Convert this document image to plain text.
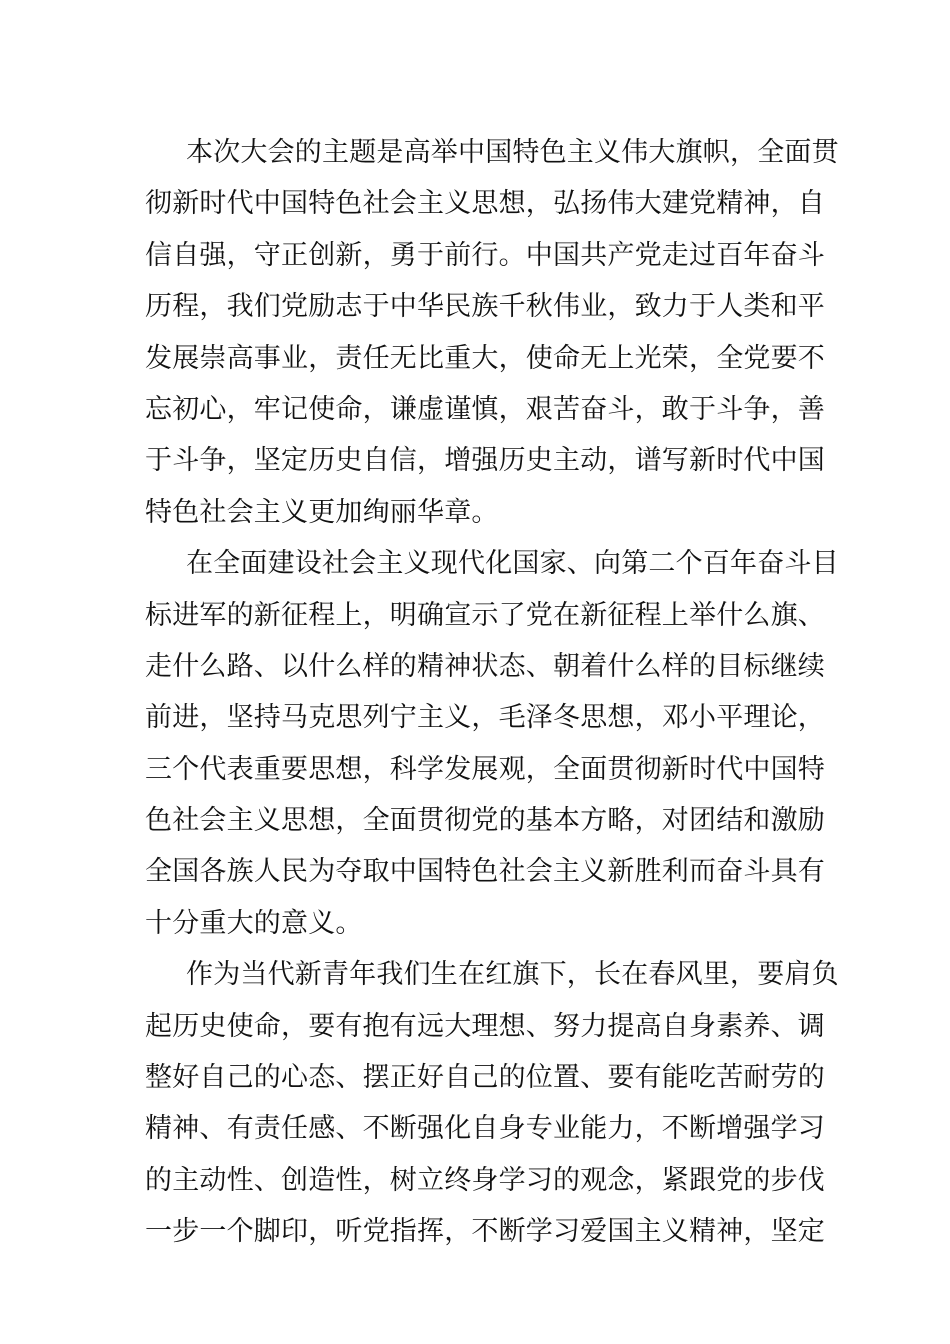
本次大会的主题是高举中国特色主义伟大旗帜，全面贯
彻新时代中国特色社会主义思想，弘扬伟大建党精神，自
信自强，守正创新，勇于前行。中国共产党走过百年奋斗
历程，我们党励志于中华民族千秋伟业，致力于人类和平
发展崇高事业，责任无比重大，使命无上光荣，全党要不
忘初心，牢记使命，谦虚谨慎，艰苦奋斗，敢于斗争，善
于斗争，坚定历史自信，增强历史主动，谱写新时代中国
特色社会主义更加绚丽华章。
在全面建设社会主义现代化国家、向第二个百年奋斗目
标进军的新征程上，明确宣示了党在新征程上举什么旗、
走什么路、以什么样的精神状态、朝着什么样的目标继续
前进，坚持马克思列宁主义，毛泽冬思想，邓小平理论，
三个代表重要思想，科学发展观，全面贯彻新时代中国特
色社会主义思想，全面贯彻党的基本方略，对团结和激励
全国各族人民为夺取中国特色社会主义新胜利而奋斗具有
十分重大的意义。
作为当代新青年我们生在红旗下，长在春风里，要肩负
起历史使命，要有抱有远大理想、努力提高自身素养、调
整好自己的心态、摆正好自己的位置、要有能吃苦耐劳的
精神、有责任感、不断强化自身专业能力，不断增强学习
的主动性、创造性，树立终身学习的观念，紧跟党的步伐
一步一个脚印，听党指挥，不断学习爱国主义精神，坚定
